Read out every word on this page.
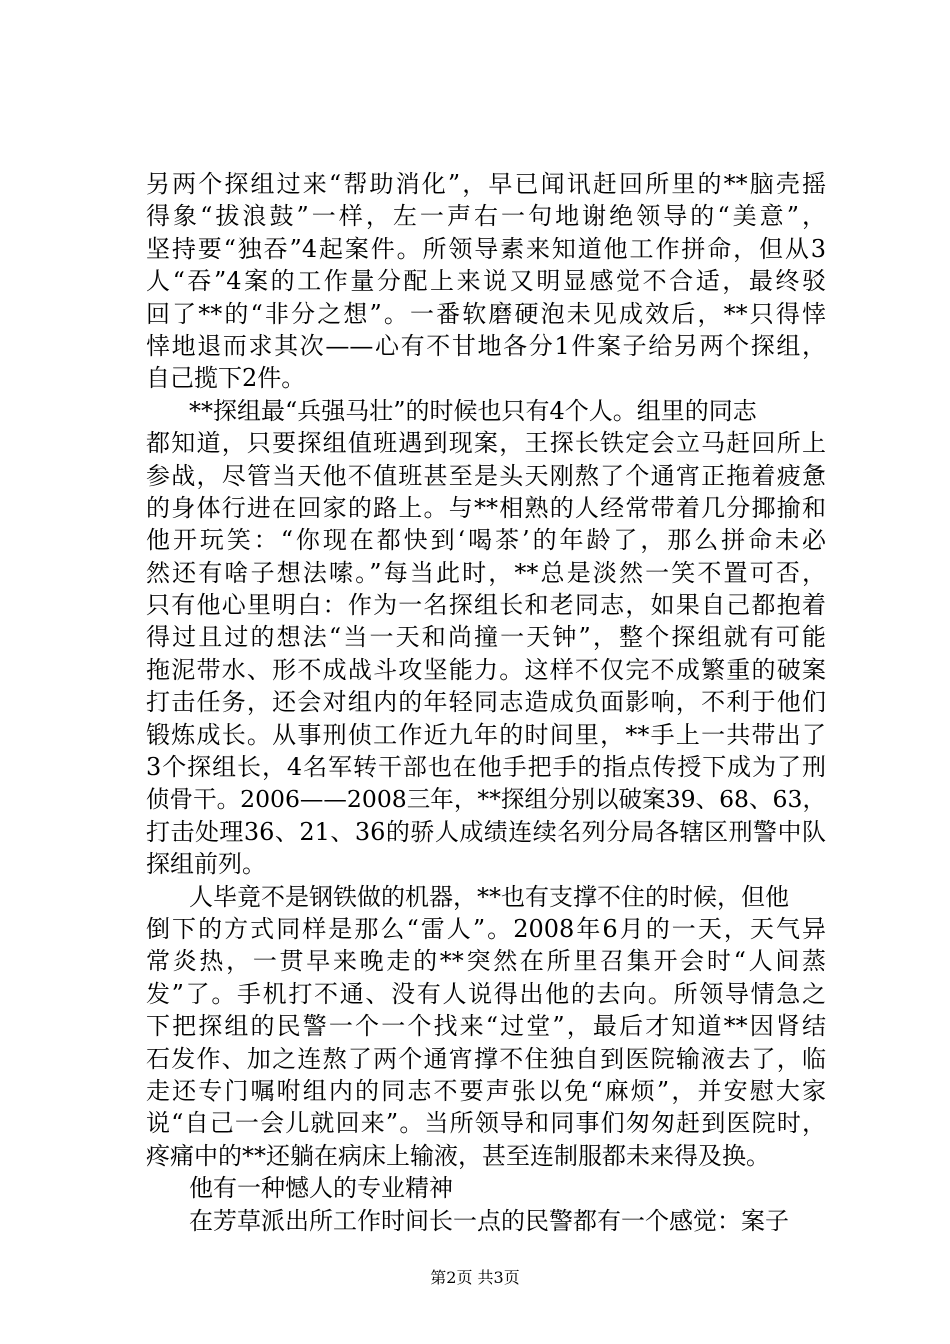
另两个探组过来“帮助消化”，早已闻讯赶回所里的**脑壳摇
得象“拔浪鼓”一样，左一声右一句地谢绝领导的“美意”，
坚持要“独吞”4起案件。所领导素来知道他工作拼命，但从3
人“吞”4案的工作量分配上来说又明显感觉不合适，最终驳
回了**的“非分之想”。一番软磨硬泡未见成效后，**只得悻
悻地退而求其次——心有不甘地各分1件案子给另两个探组，
自己揽下2件。
**探组最“兵强马壮”的时候也只有4个人。组里的同志
都知道，只要探组值班遇到现案，王探长铁定会立马赶回所上
参战，尽管当天他不值班甚至是头天刚熬了个通宵正拖着疲惫
的身体行进在回家的路上。与**相熟的人经常带着几分揶揄和
他开玩笑：“你现在都快到‘喝茶’的年龄了，那么拼命未必
然还有啥子想法嗦。”每当此时，**总是淡然一笑不置可否，
只有他心里明白：作为一名探组长和老同志，如果自己都抱着
得过且过的想法“当一天和尚撞一天钟”，整个探组就有可能
拖泥带水、形不成战斗攻坚能力。这样不仅完不成繁重的破案
打击任务，还会对组内的年轻同志造成负面影响，不利于他们
锻炼成长。从事刑侦工作近九年的时间里，**手上一共带出了
3个探组长，4名军转干部也在他手把手的指点传授下成为了刑
侦骨干。2006——2008三年，**探组分别以破案39、68、63，
打击处理36、21、36的骄人成绩连续名列分局各辖区刑警中队
探组前列。
人毕竟不是钢铁做的机器，**也有支撑不住的时候，但他
倒下的方式同样是那么“雷人”。2008年6月的一天，天气异
常炎热，一贯早来晚走的**突然在所里召集开会时“人间蒸
发”了。手机打不通、没有人说得出他的去向。所领导情急之
下把探组的民警一个一个找来“过堂”，最后才知道**因肾结
石发作、加之连熬了两个通宵撑不住独自到医院输液去了，临
走还专门嘱咐组内的同志不要声张以免“麻烦”，并安慰大家
说“自己一会儿就回来”。当所领导和同事们匆匆赶到医院时，
疼痛中的**还躺在病床上输液，甚至连制服都未来得及换。
他有一种憾人的专业精神
在芳草派出所工作时间长一点的民警都有一个感觉：案子
第2页 共3页
